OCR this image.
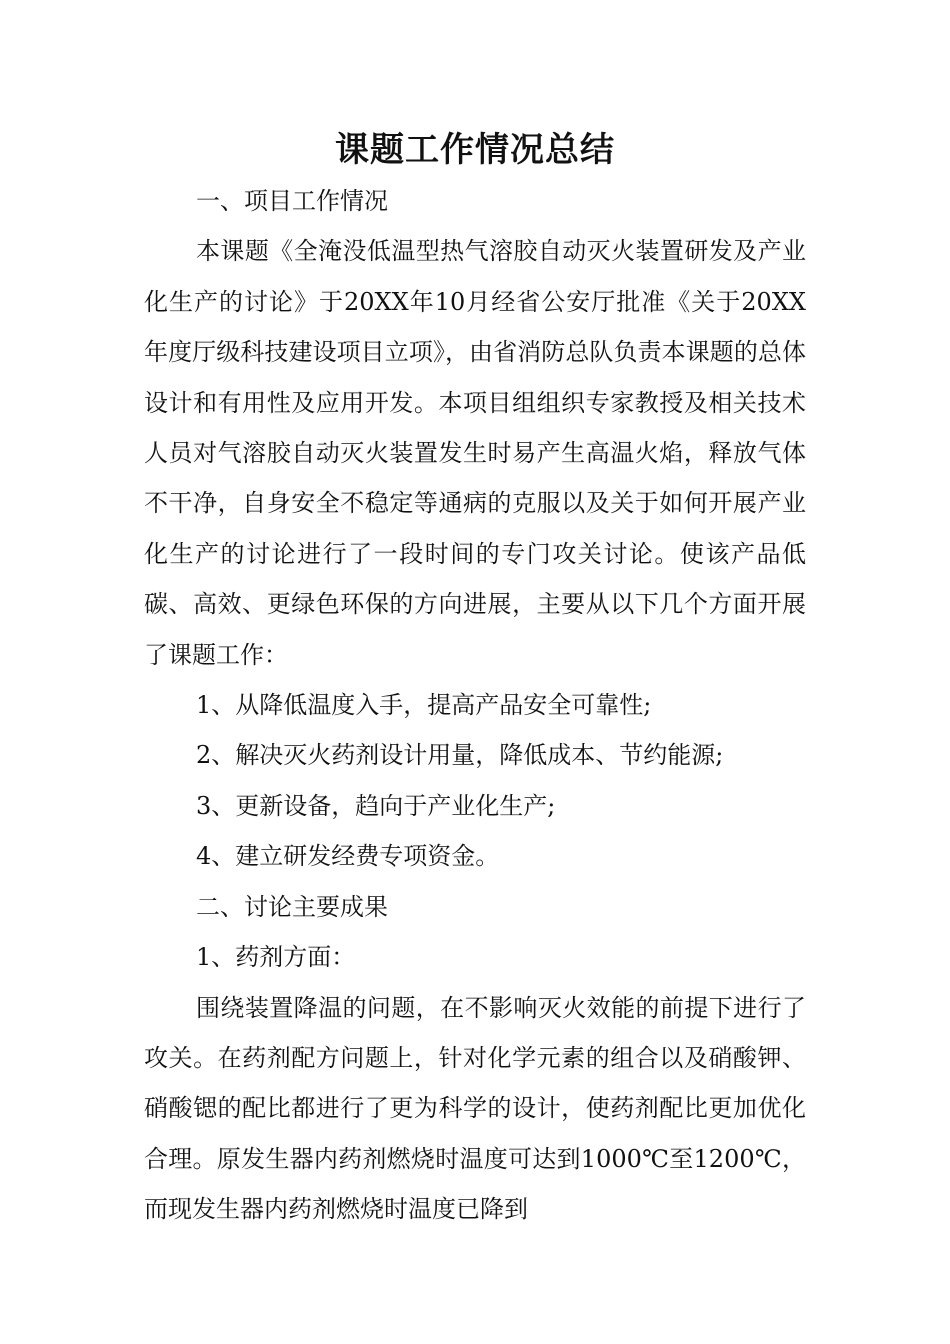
课题工作情况总结

一、项目工作情况

本课题《全淹没低温型热气溶胶自动灭火装置研发及产业化生产的讨论》于20XX年10月经省公安厅批准《关于20XX年度厅级科技建设项目立项》，由省消防总队负责本课题的总体设计和有用性及应用开发。本项目组组织专家教授及相关技术人员对气溶胶自动灭火装置发生时易产生高温火焰，释放气体不干净，自身安全不稳定等通病的克服以及关于如何开展产业化生产的讨论进行了一段时间的专门攻关讨论。使该产品低碳、高效、更绿色环保的方向进展，主要从以下几个方面开展了课题工作：

1、从降低温度入手，提高产品安全可靠性;

2、解决灭火药剂设计用量，降低成本、节约能源;

3、更新设备，趋向于产业化生产;

4、建立研发经费专项资金。

二、讨论主要成果

1、药剂方面：

围绕装置降温的问题，在不影响灭火效能的前提下进行了攻关。在药剂配方问题上，针对化学元素的组合以及硝酸钾、硝酸锶的配比都进行了更为科学的设计，使药剂配比更加优化合理。原发生器内药剂燃烧时温度可达到1000℃至1200℃，而现发生器内药剂燃烧时温度已降到
